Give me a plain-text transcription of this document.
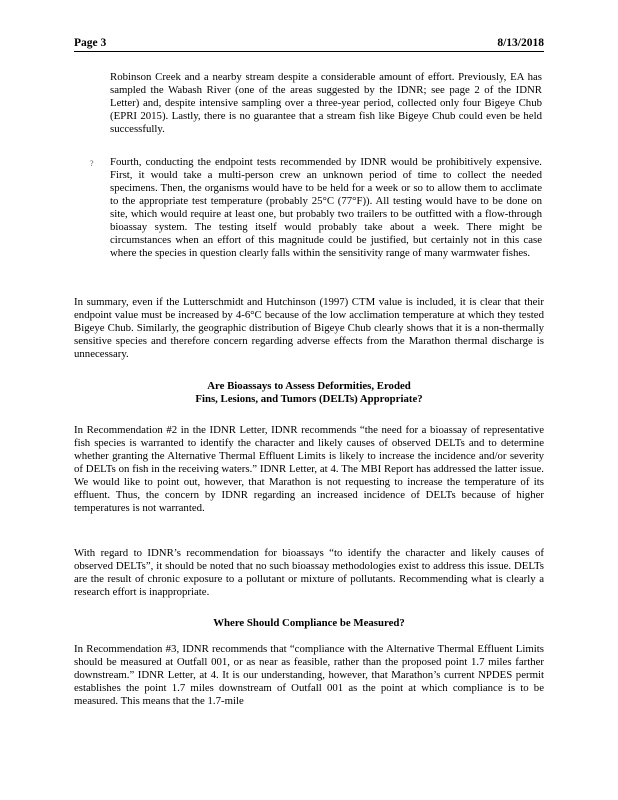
Page 3	8/13/2018

Robinson Creek and a nearby stream despite a considerable amount of effort. Previously, EA has sampled the Wabash River (one of the areas suggested by the IDNR; see page 2 of the IDNR Letter) and, despite intensive sampling over a three-year period, collected only four Bigeye Chub (EPRI 2015). Lastly, there is no guarantee that a stream fish like Bigeye Chub could even be held successfully.

? Fourth, conducting the endpoint tests recommended by IDNR would be prohibitively expensive. First, it would take a multi-person crew an unknown period of time to collect the needed specimens. Then, the organisms would have to be held for a week or so to allow them to acclimate to the appropriate test temperature (probably 25°C (77°F)). All testing would have to be done on site, which would require at least one, but probably two trailers to be outfitted with a flow-through bioassay system. The testing itself would probably take about a week. There might be circumstances when an effort of this magnitude could be justified, but certainly not in this case where the species in question clearly falls within the sensitivity range of many warmwater fishes.

In summary, even if the Lutterschmidt and Hutchinson (1997) CTM value is included, it is clear that their endpoint value must be increased by 4-6°C because of the low acclimation temperature at which they tested Bigeye Chub. Similarly, the geographic distribution of Bigeye Chub clearly shows that it is a non-thermally sensitive species and therefore concern regarding adverse effects from the Marathon thermal discharge is unnecessary.

Are Bioassays to Assess Deformities, Eroded
Fins, Lesions, and Tumors (DELTs) Appropriate?

In Recommendation #2 in the IDNR Letter, IDNR recommends “the need for a bioassay of representative fish species is warranted to identify the character and likely causes of observed DELTs and to determine whether granting the Alternative Thermal Effluent Limits is likely to increase the incidence and/or severity of DELTs on fish in the receiving waters.” IDNR Letter, at 4. The MBI Report has addressed the latter issue. We would like to point out, however, that Marathon is not requesting to increase the temperature of its effluent. Thus, the concern by IDNR regarding an increased incidence of DELTs because of higher temperatures is not warranted.

With regard to IDNR’s recommendation for bioassays “to identify the character and likely causes of observed DELTs”, it should be noted that no such bioassay methodologies exist to address this issue. DELTs are the result of chronic exposure to a pollutant or mixture of pollutants. Recommending what is clearly a research effort is inappropriate.

Where Should Compliance be Measured?

In Recommendation #3, IDNR recommends that “compliance with the Alternative Thermal Effluent Limits should be measured at Outfall 001, or as near as feasible, rather than the proposed point 1.7 miles farther downstream.” IDNR Letter, at 4. It is our understanding, however, that Marathon’s current NPDES permit establishes the point 1.7 miles downstream of Outfall 001 as the point at which compliance is to be measured. This means that the 1.7-mile
